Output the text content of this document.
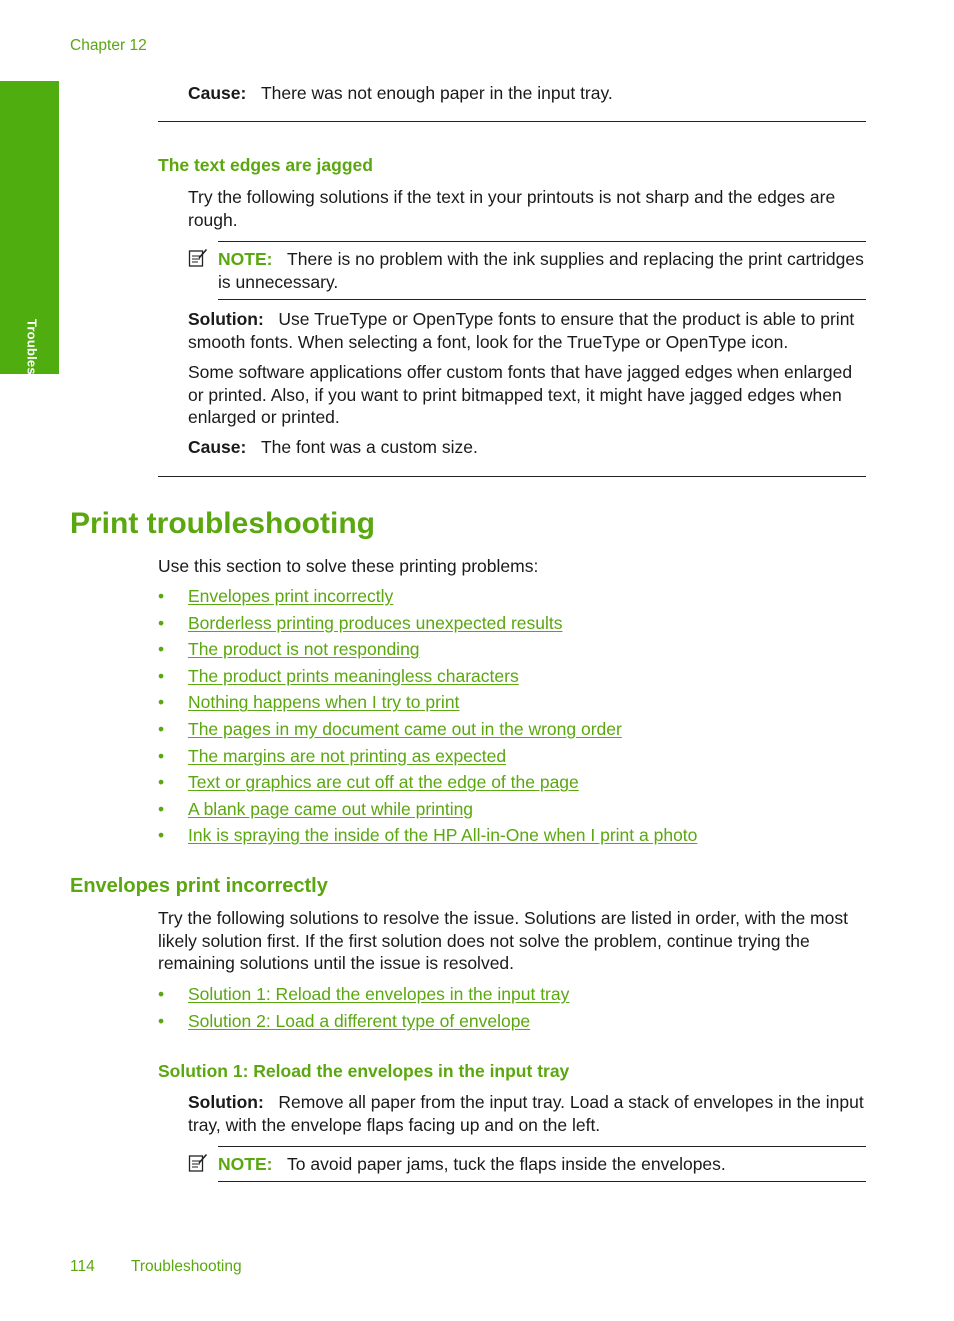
Chapter 12
Troubleshooting

Cause: There was not enough paper in the input tray.

The text edges are jagged

Try the following solutions if the text in your printouts is not sharp and the edges are rough.

NOTE: There is no problem with the ink supplies and replacing the print cartridges is unnecessary.

Solution: Use TrueType or OpenType fonts to ensure that the product is able to print smooth fonts. When selecting a font, look for the TrueType or OpenType icon.

Some software applications offer custom fonts that have jagged edges when enlarged or printed. Also, if you want to print bitmapped text, it might have jagged edges when enlarged or printed.

Cause: The font was a custom size.

Print troubleshooting

Use this section to solve these printing problems:

• Envelopes print incorrectly
• Borderless printing produces unexpected results
• The product is not responding
• The product prints meaningless characters
• Nothing happens when I try to print
• The pages in my document came out in the wrong order
• The margins are not printing as expected
• Text or graphics are cut off at the edge of the page
• A blank page came out while printing
• Ink is spraying the inside of the HP All-in-One when I print a photo
Envelopes print incorrectly

Try the following solutions to resolve the issue. Solutions are listed in order, with the most likely solution first. If the first solution does not solve the problem, continue trying the remaining solutions until the issue is resolved.

• Solution 1: Reload the envelopes in the input tray
• Solution 2: Load a different type of envelope
Solution 1: Reload the envelopes in the input tray

Solution: Remove all paper from the input tray. Load a stack of envelopes in the input tray, with the envelope flaps facing up and on the left.

NOTE: To avoid paper jams, tuck the flaps inside the envelopes.

114 Troubleshooting
